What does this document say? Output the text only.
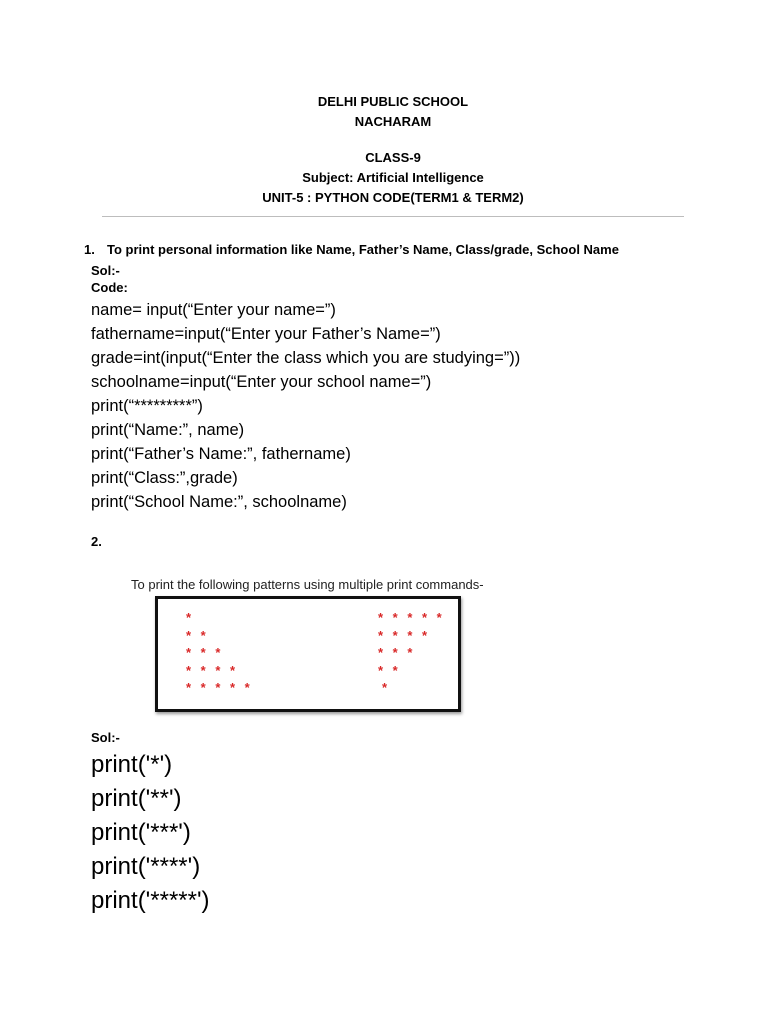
DELHI PUBLIC SCHOOL
NACHARAM
CLASS-9
Subject: Artificial Intelligence
UNIT-5 : PYTHON CODE(TERM1 & TERM2)
1. To print personal information like Name, Father’s Name, Class/grade, School Name
Sol:-
Code:
name= input(“Enter your name=”)
fathername=input(“Enter your Father’s Name=”)
grade=int(input(“Enter the class which you are studying=”))
schoolname=input(“Enter your school name=”)
print(“*********”)
print(“Name:”, name)
print(“Father’s Name:”, fathername)
print(“Class:”,grade)
print(“School Name:”, schoolname)
2.
To print the following patterns using multiple print commands-
*
* *
* * *
* * * *
* * * * *
* * * * *
* * * *
* * *
* *
*
Sol:-
print('*')
print('**')
print('***')
print('****')
print('*****')
